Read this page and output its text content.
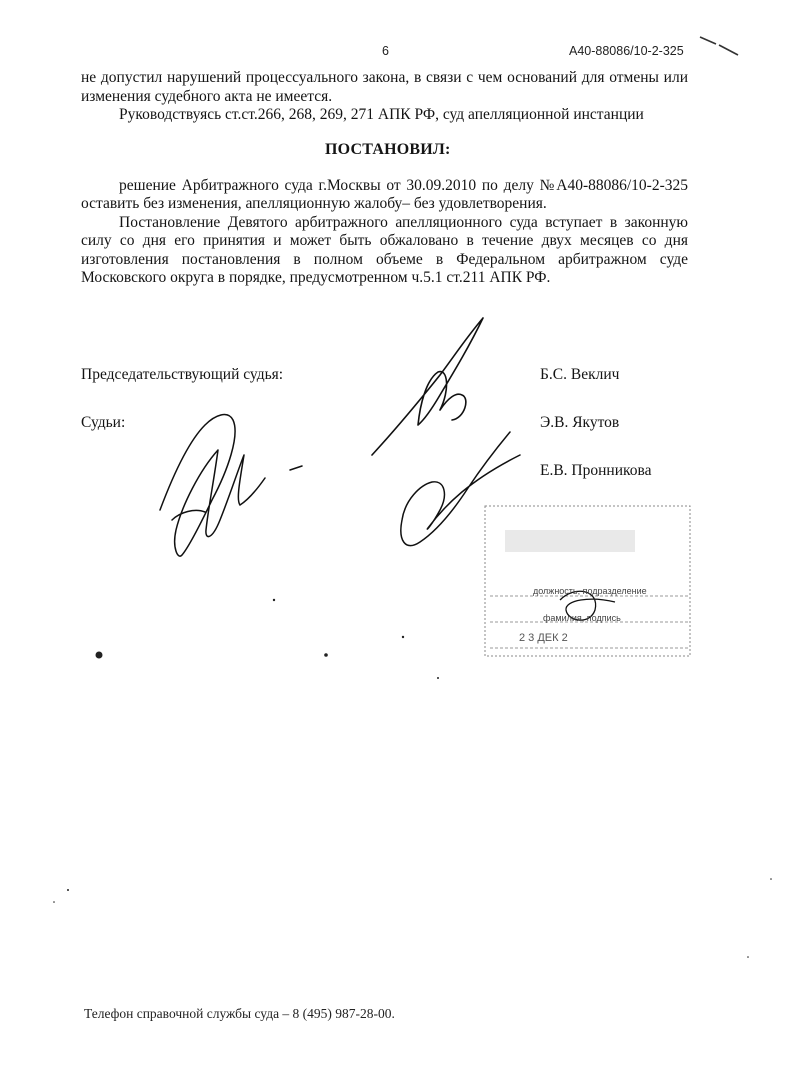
6	А40-88086/10-2-325
не допустил нарушений процессуального закона, в связи с чем оснований для отмены или
изменения судебного акта не имеется.
Руководствуясь ст.ст.266, 268, 269, 271 АПК РФ, суд апелляционной инстанции
ПОСТАНОВИЛ:
решение Арбитражного суда г.Москвы от 30.09.2010 по делу №А40-88086/10-2-325
оставить без изменения, апелляционную жалобу– без удовлетворения.
Постановление Девятого арбитражного апелляционного суда вступает в законную
силу со дня его принятия и может быть обжаловано в течение двух месяцев со дня
изготовления постановления в полном объеме в Федеральном арбитражном суде
Московского округа в порядке, предусмотренном ч.5.1 ст.211 АПК РФ.
Председательствующий судья:	Б.С. Веклич
Судьи:	Э.В. Якутов
Е.В. Пронникова
должность, подразделение
фамилия, подпись
2 3 ДЕК 2
Телефон справочной службы суда – 8 (495) 987-28-00.
